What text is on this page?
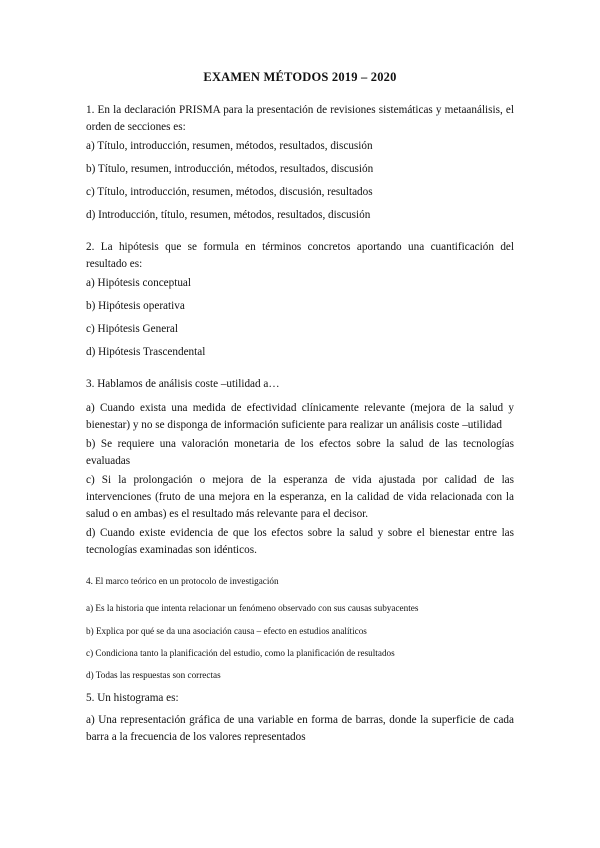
EXAMEN MÉTODOS 2019 – 2020
1. En la declaración PRISMA para la presentación de revisiones sistemáticas y metaanálisis, el orden de secciones es:
a) Título, introducción, resumen, métodos, resultados, discusión
b) Título, resumen, introducción, métodos, resultados, discusión
c) Título, introducción, resumen, métodos, discusión, resultados
d) Introducción, título, resumen, métodos, resultados, discusión
2. La hipótesis que se formula en términos concretos aportando una cuantificación del resultado es:
a) Hipótesis conceptual
b) Hipótesis operativa
c) Hipótesis General
d) Hipótesis Trascendental
3. Hablamos de análisis coste –utilidad a…
a) Cuando exista una medida de efectividad clínicamente relevante (mejora de la salud y bienestar) y no se disponga de información suficiente para realizar un análisis coste –utilidad
b) Se requiere una valoración monetaria de los efectos sobre la salud de las tecnologías evaluadas
c) Si la prolongación o mejora de la esperanza de vida ajustada por calidad de las intervenciones (fruto de una mejora en la esperanza, en la calidad de vida relacionada con la salud o en ambas) es el resultado más relevante para el decisor.
d) Cuando existe evidencia de que los efectos sobre la salud y sobre el bienestar entre las tecnologías examinadas son idénticos.
4. El marco teórico en un protocolo de investigación
a) Es la historia que intenta relacionar un fenómeno observado con sus causas subyacentes
b) Explica por qué se da una asociación causa – efecto en estudios analíticos
c) Condiciona tanto la planificación del estudio, como la planificación de resultados
d) Todas las respuestas son correctas
5. Un histograma es:
a) Una representación gráfica de una variable en forma de barras, donde la superficie de cada barra a la frecuencia de los valores representados
